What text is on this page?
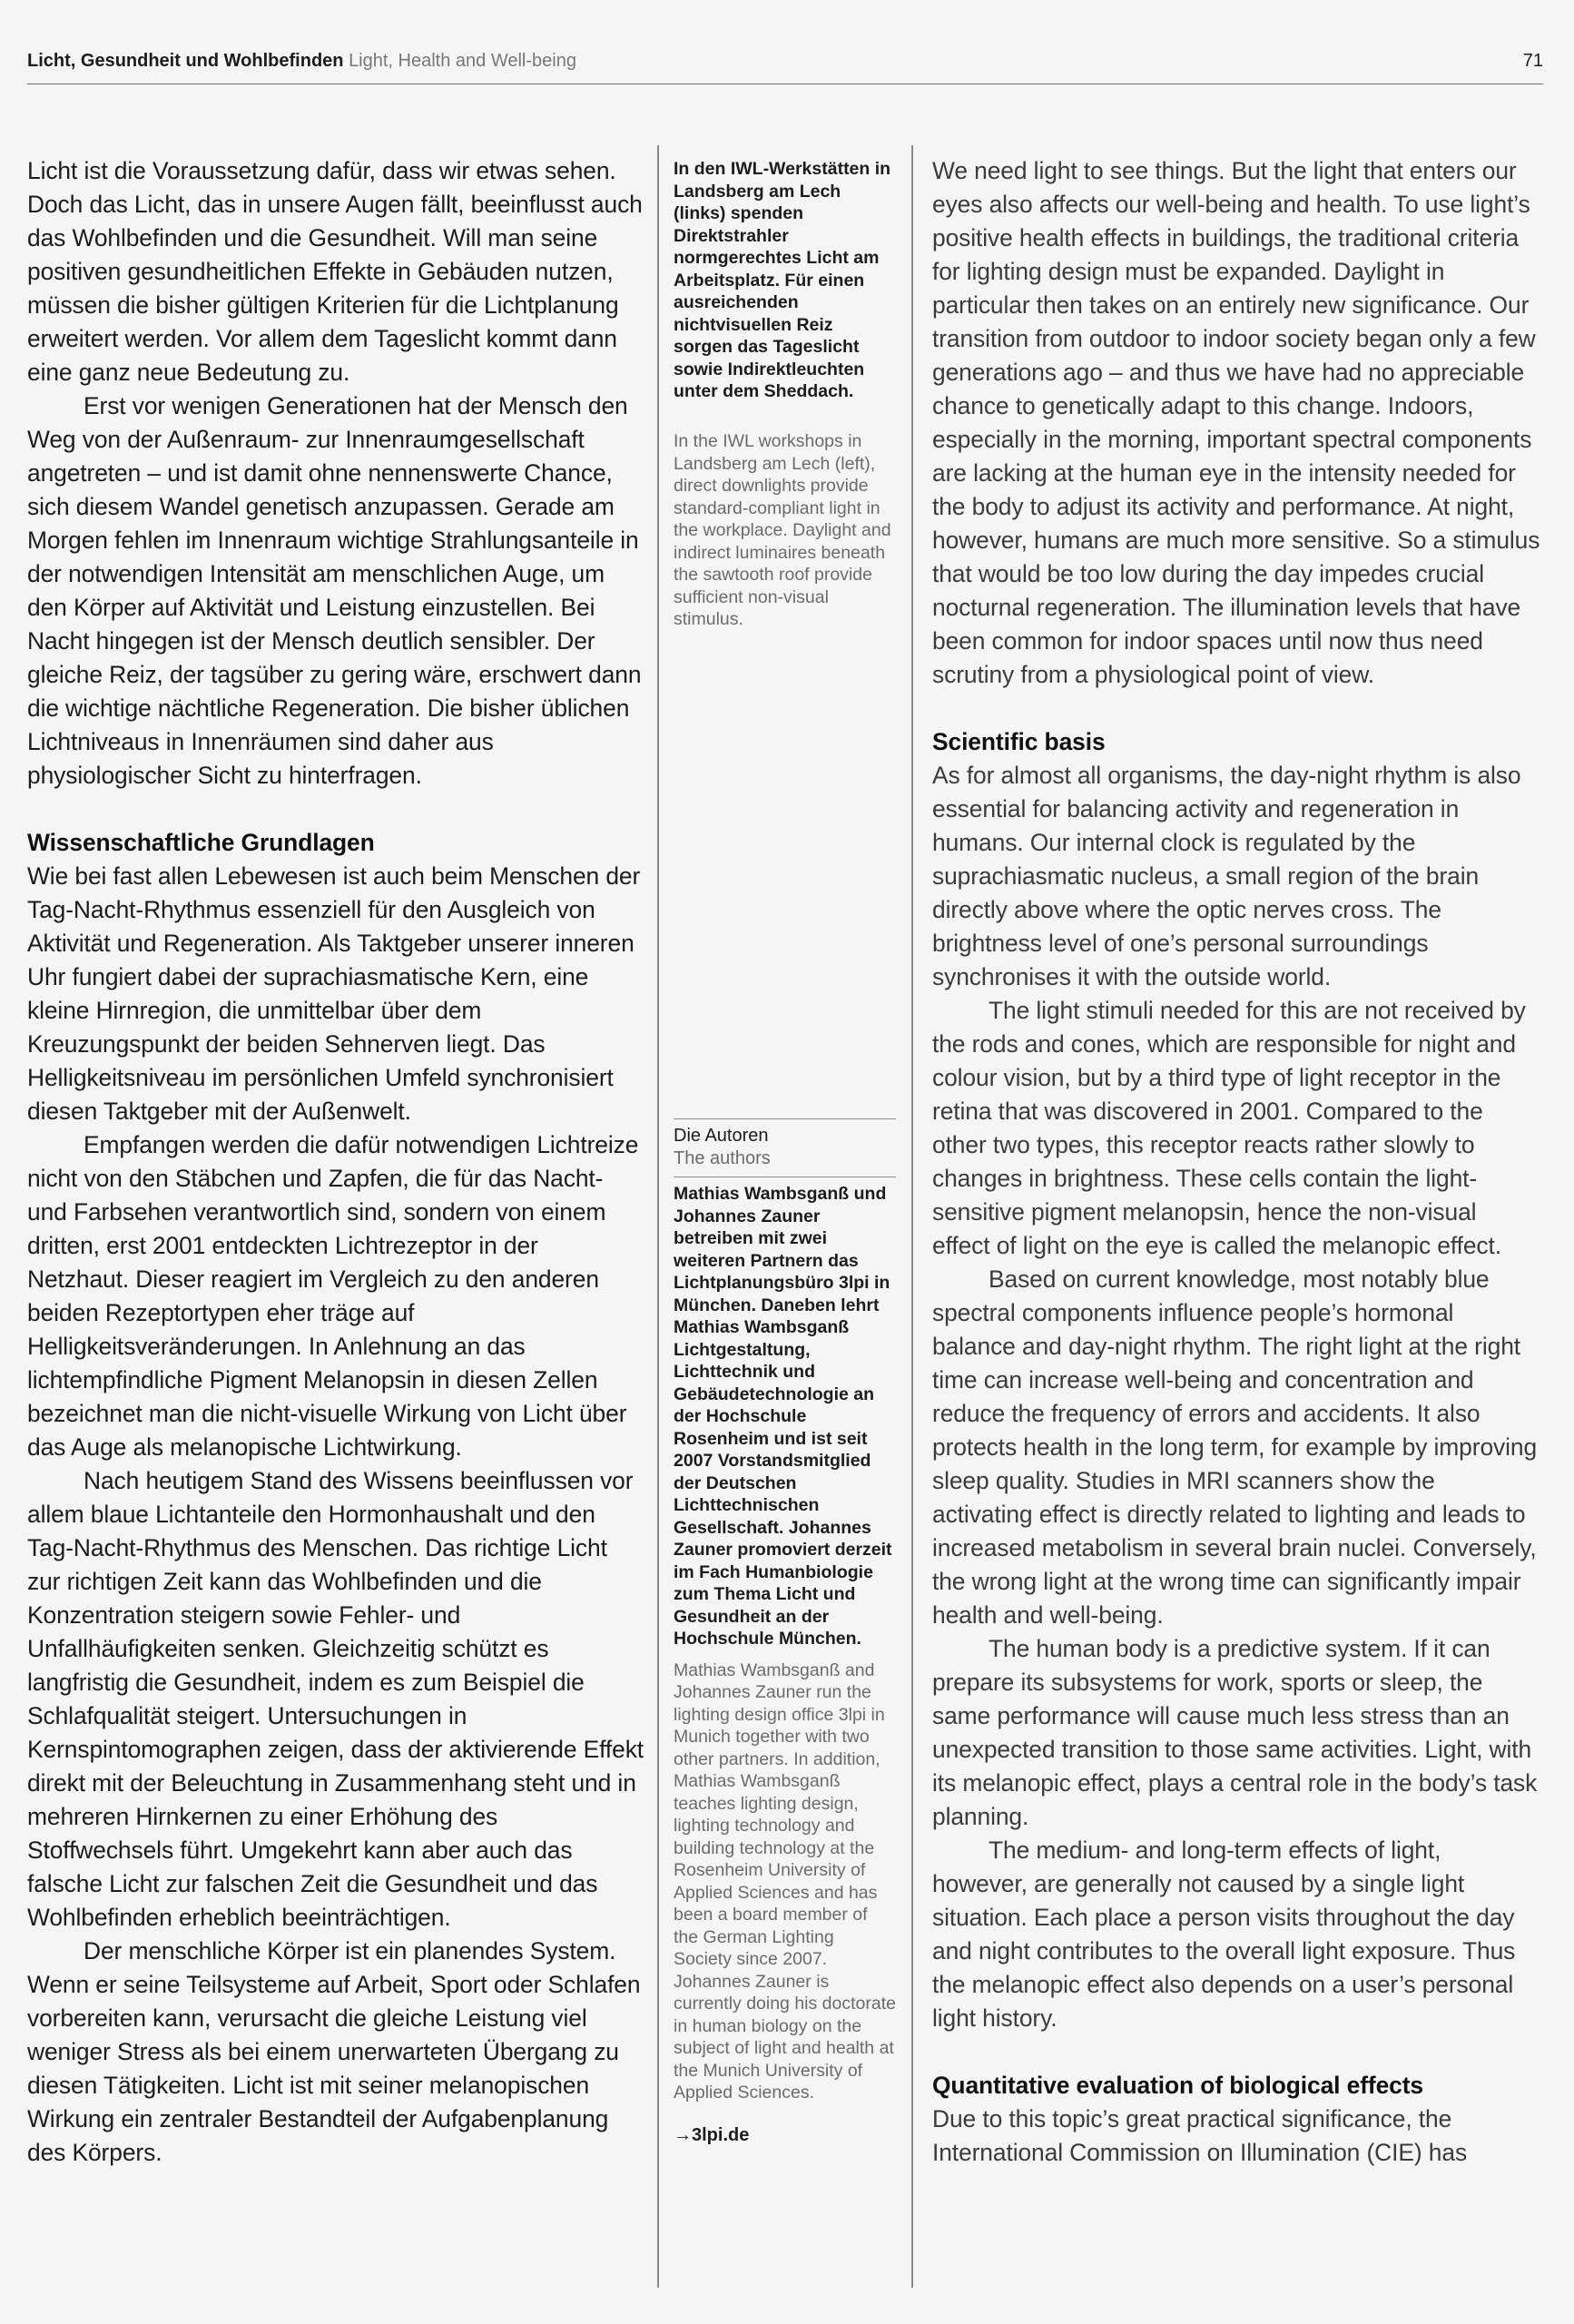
Licht, Gesundheit und Wohlbefinden Light, Health and Well-being	71

Licht ist die Voraussetzung dafür, dass wir etwas sehen. Doch das Licht, das in unsere Augen fällt, beeinflusst auch das Wohlbefinden und die Gesundheit. Will man seine positiven gesundheitlichen Effekte in Gebäuden nutzen, müssen die bisher gültigen Kriterien für die Lichtplanung erweitert werden. Vor allem dem Tageslicht kommt dann eine ganz neue Bedeutung zu.

Erst vor wenigen Generationen hat der Mensch den Weg von der Außenraum- zur Innenraumgesellschaft angetreten – und ist damit ohne nennenswerte Chance, sich diesem Wandel genetisch anzupassen. Gerade am Morgen fehlen im Innenraum wichtige Strahlungsanteile in der notwendigen Intensität am menschlichen Auge, um den Körper auf Aktivität und Leistung einzustellen. Bei Nacht hingegen ist der Mensch deutlich sensibler. Der gleiche Reiz, der tagsüber zu gering wäre, erschwert dann die wichtige nächtliche Regeneration. Die bisher üblichen Lichtniveaus in Innenräumen sind daher aus physiologischer Sicht zu hinterfragen.

Wissenschaftliche Grundlagen

Wie bei fast allen Lebewesen ist auch beim Menschen der Tag-Nacht-Rhythmus essenziell für den Ausgleich von Aktivität und Regeneration. Als Taktgeber unserer inneren Uhr fungiert dabei der suprachiasmatische Kern, eine kleine Hirnregion, die unmittelbar über dem Kreuzungspunkt der beiden Sehnerven liegt. Das Helligkeitsniveau im persönlichen Umfeld synchronisiert diesen Taktgeber mit der Außenwelt.

Empfangen werden die dafür notwendigen Lichtreize nicht von den Stäbchen und Zapfen, die für das Nacht- und Farbsehen verantwortlich sind, sondern von einem dritten, erst 2001 entdeckten Lichtrezeptor in der Netzhaut. Dieser reagiert im Vergleich zu den anderen beiden Rezeptortypen eher träge auf Helligkeitsveränderungen. In Anlehnung an das lichtempfindliche Pigment Melanopsin in diesen Zellen bezeichnet man die nicht-visuelle Wirkung von Licht über das Auge als melanopische Lichtwirkung.

Nach heutigem Stand des Wissens beeinflussen vor allem blaue Lichtanteile den Hormonhaushalt und den Tag-Nacht-Rhythmus des Menschen. Das richtige Licht zur richtigen Zeit kann das Wohlbefinden und die Konzentration steigern sowie Fehler- und Unfallhäufigkeiten senken. Gleichzeitig schützt es langfristig die Gesundheit, indem es zum Beispiel die Schlafqualität steigert. Untersuchungen in Kernspintomographen zeigen, dass der aktivierende Effekt direkt mit der Beleuchtung in Zusammenhang steht und in mehreren Hirnkernen zu einer Erhöhung des Stoffwechsels führt. Umgekehrt kann aber auch das falsche Licht zur falschen Zeit die Gesundheit und das Wohlbefinden erheblich beeinträchtigen.

Der menschliche Körper ist ein planendes System. Wenn er seine Teilsysteme auf Arbeit, Sport oder Schlafen vorbereiten kann, verursacht die gleiche Leistung viel weniger Stress als bei einem unerwarteten Übergang zu diesen Tätigkeiten. Licht ist mit seiner melanopischen Wirkung ein zentraler Bestandteil der Aufgabenplanung des Körpers.

In den IWL-Werkstätten in Landsberg am Lech (links) spenden Direktstrahler normgerechtes Licht am Arbeitsplatz. Für einen ausreichenden nichtvisuellen Reiz sorgen das Tageslicht sowie Indirektleuchten unter dem Sheddach.
In the IWL workshops in Landsberg am Lech (left), direct downlights provide standard-compliant light in the workplace. Daylight and indirect luminaires beneath the sawtooth roof provide sufficient non-visual stimulus.
Die Autoren
The authors
Mathias Wambsganß und Johannes Zauner betreiben mit zwei weiteren Partnern das Lichtplanungsbüro 3lpi in München. Daneben lehrt Mathias Wambsganß Lichtgestaltung, Lichttechnik und Gebäudetechnologie an der Hochschule Rosenheim und ist seit 2007 Vorstandsmitglied der Deutschen Lichttechnischen Gesellschaft. Johannes Zauner promoviert derzeit im Fach Humanbiologie zum Thema Licht und Gesundheit an der Hochschule München.
Mathias Wambsganß and Johannes Zauner run the lighting design office 3lpi in Munich together with two other partners. In addition, Mathias Wambsganß teaches lighting design, lighting technology and building technology at the Rosenheim University of Applied Sciences and has been a board member of the German Lighting Society since 2007. Johannes Zauner is currently doing his doctorate in human biology on the subject of light and health at the Munich University of Applied Sciences.
→3lpi.de

We need light to see things. But the light that enters our eyes also affects our well-being and health. To use light’s positive health effects in buildings, the traditional criteria for lighting design must be expanded. Daylight in particular then takes on an entirely new significance. Our transition from outdoor to indoor society began only a few generations ago – and thus we have had no appreciable chance to genetically adapt to this change. Indoors, especially in the morning, important spectral components are lacking at the human eye in the intensity needed for the body to adjust its activity and performance. At night, however, humans are much more sensitive. So a stimulus that would be too low during the day impedes crucial nocturnal regeneration. The illumination levels that have been common for indoor spaces until now thus need scrutiny from a physiological point of view.

Scientific basis

As for almost all organisms, the day-night rhythm is also essential for balancing activity and regeneration in humans. Our internal clock is regulated by the suprachiasmatic nucleus, a small region of the brain directly above where the optic nerves cross. The brightness level of one’s personal surroundings synchronises it with the outside world.

The light stimuli needed for this are not received by the rods and cones, which are responsible for night and colour vision, but by a third type of light receptor in the retina that was discovered in 2001. Compared to the other two types, this receptor reacts rather slowly to changes in brightness. These cells contain the light-sensitive pigment melanopsin, hence the non-visual effect of light on the eye is called the melanopic effect.

Based on current knowledge, most notably blue spectral components influence people’s hormonal balance and day-night rhythm. The right light at the right time can increase well-being and concentration and reduce the frequency of errors and accidents. It also protects health in the long term, for example by improving sleep quality. Studies in MRI scanners show the activating effect is directly related to lighting and leads to increased metabolism in several brain nuclei. Conversely, the wrong light at the wrong time can significantly impair health and well-being.

The human body is a predictive system. If it can prepare its subsystems for work, sports or sleep, the same performance will cause much less stress than an unexpected transition to those same activities. Light, with its melanopic effect, plays a central role in the body’s task planning.

The medium- and long-term effects of light, however, are generally not caused by a single light situation. Each place a person visits throughout the day and night contributes to the overall light exposure. Thus the melanopic effect also depends on a user’s personal light history.

Quantitative evaluation of biological effects

Due to this topic’s great practical significance, the International Commission on Illumination (CIE) has
